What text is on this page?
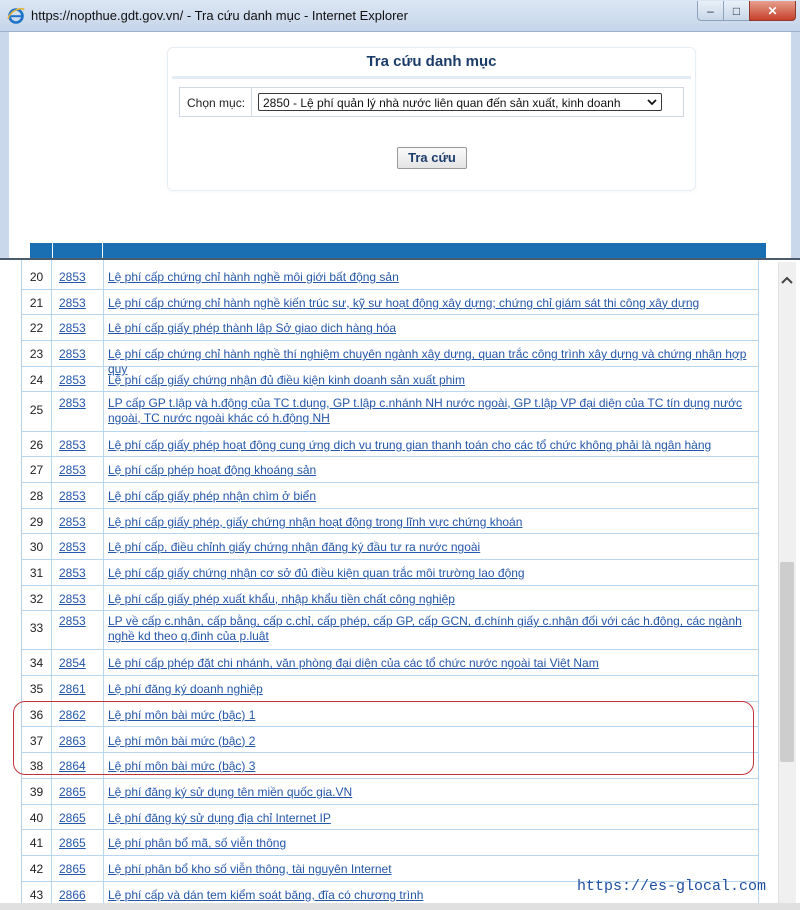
https://nopthue.gdt.gov.vn/ - Tra cứu danh mục - Internet Explorer	–	□	✕
Tra cứu danh mục
Chọn mục: 2850 - Lệ phí quản lý nhà nước liên quan đến sản xuất, kinh doanh
Tra cứu
20	2853 Lệ phí cấp chứng chỉ hành nghề môi giới bất động sản
21	2853 Lệ phí cấp chứng chỉ hành nghề kiến trúc sư, kỹ sư hoạt động xây dựng; chứng chỉ giám sát thi công xây dựng
22	2853 Lệ phí cấp giấy phép thành lập Sở giao dịch hàng hóa
23	2853 Lệ phí cấp chứng chỉ hành nghề thí nghiệm chuyên ngành xây dựng, quan trắc công trình xây dựng và chứng nhận hợp quy
24	2853 Lệ phí cấp giấy chứng nhận đủ điều kiện kinh doanh sản xuất phim
25	2853 LP cấp GP t.lập và h.động của TC t.dụng, GP t.lập c.nhánh NH nước ngoài, GP t.lập VP đại diện của TC tín dụng nước ngoài, TC nước ngoài khác có h.động NH
26	2853 Lệ phí cấp giấy phép hoạt động cung ứng dịch vụ trung gian thanh toán cho các tổ chức không phải là ngân hàng
27	2853 Lệ phí cấp phép hoạt động khoáng sản
28	2853 Lệ phí cấp giấy phép nhận chìm ở biển
29	2853 Lệ phí cấp giấy phép, giấy chứng nhận hoạt động trong lĩnh vực chứng khoán
30	2853 Lệ phí cấp, điều chỉnh giấy chứng nhận đăng ký đầu tư ra nước ngoài
31	2853 Lệ phí cấp giấy chứng nhận cơ sở đủ điều kiện quan trắc môi trường lao động
32	2853 Lệ phí cấp giấy phép xuất khẩu, nhập khẩu tiền chất công nghiệp
33	2853 LP về cấp c.nhận, cấp bằng, cấp c.chỉ, cấp phép, cấp GP, cấp GCN, đ.chính giấy c.nhận đối với các h.động, các ngành nghề kd theo q.định của p.luật
34	2854 Lệ phí cấp phép đặt chi nhánh, văn phòng đại diện của các tổ chức nước ngoài tại Việt Nam
35	2861 Lệ phí đăng ký doanh nghiệp
36	2862 Lệ phí môn bài mức (bậc) 1
37	2863 Lệ phí môn bài mức (bậc) 2
38	2864 Lệ phí môn bài mức (bậc) 3
39	2865 Lệ phí đăng ký sử dụng tên miền quốc gia.VN
40	2865 Lệ phí đăng ký sử dụng địa chỉ Internet IP
41	2865 Lệ phí phân bổ mã, số viễn thông
42	2865 Lệ phí phân bổ kho số viễn thông, tài nguyên Internet
43	2866 Lệ phí cấp và dán tem kiểm soát băng, đĩa có chương trình	https://es-glocal.com
